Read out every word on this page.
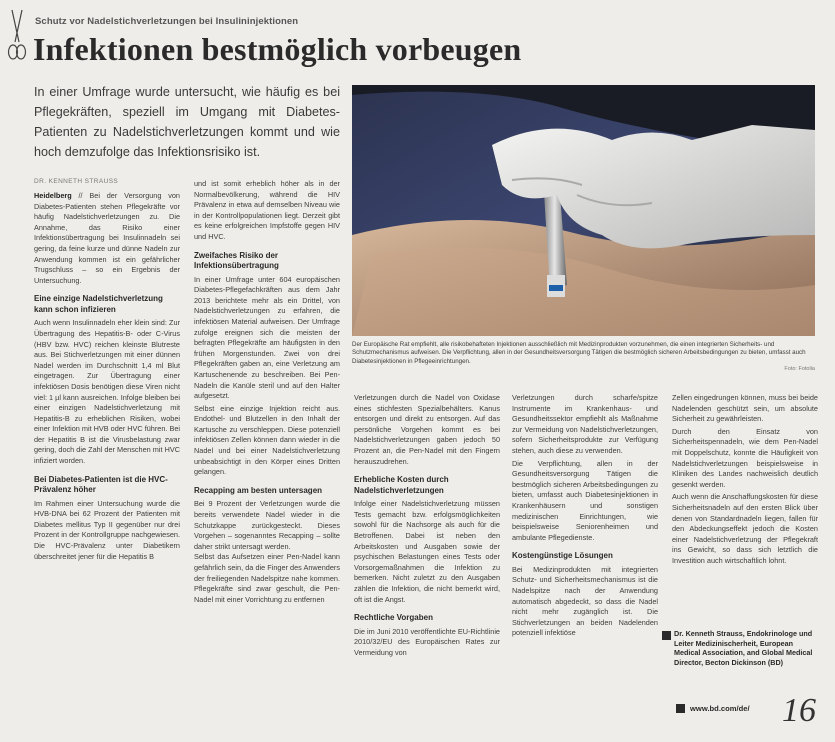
Schutz vor Nadelstichverletzungen bei Insulininjektionen
Infektionen bestmöglich vorbeugen

In einer Umfrage wurde untersucht, wie häufig es bei Pflegekräften, speziell im Umgang mit Diabetes-Patienten zu Nadelstichverletzungen kommt und wie hoch demzufolge das Infektionsrisiko ist.

DR. KENNETH STRAUSS

Heidelberg // Bei der Versorgung von Diabetes-Patienten stehen Pflegekräfte vor häufig Nadelstichverletzungen zu. Die Annahme, das Risiko einer Infektionsübertragung bei Insulinnadeln sei gering, da feine kurze und dünne Nadeln zur Anwendung kommen ist ein gefährlicher Trugschluss – so ein Ergebnis der Untersuchung.

Eine einzige Nadelstichverletzung kann schon infizieren

Auch wenn Insulinnadeln eher klein sind: Zur Übertragung des Hepatitis-B- oder C-Virus (HBV bzw. HVC) reichen kleinste Blutreste aus. Bei Stichverletzungen mit einer dünnen Nadel werden im Durchschnitt 1,4 ml Blut eingetragen. Zur Übertragung einer infektiösen Dosis benötigen diese Viren nicht viel: 1 µl kann ausreichen. Infolge bleiben bei einer einzigen Nadelstichverletzung mit Hepatitis-B zu erheblichen Risiken, wobei einer Infektion mit HVB oder HVC führen. Bei der Hepatitis B ist die Virusbelastung zwar gering, doch die Zahl der Menschen mit HVC infiziert worden.

Bei Diabetes-Patienten ist die HVC-Prävalenz höher

Im Rahmen einer Untersuchung wurde die HVB-DNA bei 62 Prozent der Patienten mit Diabetes mellitus Typ II gegenüber nur drei Prozent in der Kontrollgruppe nachgewiesen. Die HVC-Prävalenz unter Diabetikern überschreitet jener für die Hepatitis B

und ist somit erheblich höher als in der Normalbevölkerung, während die HIV Prävalenz in etwa auf demselben Niveau wie in der Kontrollpopulationen liegt. Derzeit gibt es keine erfolgreichen Impfstoffe gegen HIV und HVC.

Zweifaches Risiko der Infektionsübertragung

In einer Umfrage unter 604 europäischen Diabetes-Pflegefachkräften aus dem Jahr 2013 berichtete mehr als ein Drittel, von Nadelstichverletzungen zu erfahren, die infektiösen Material aufweisen. Der Umfrage zufolge ereignen sich die meisten der befragten Pflegekräfte am häufigsten in den frühen Morgenstunden. Zwei von drei Pflegekräften gaben an, eine Verletzung am Kartuschenende zu beschreiben. Bei Pen-Nadeln die Kanüle steril und auf den Halter aufgesetzt.

Selbst eine einzige Injektion reicht aus. Endothel- und Blutzellen in den Inhalt der Kartusche zu verschleppen. Diese potenziell infektiösen Zellen können dann wieder in die Nadel und bei einer Nadelstichverletzung unbeabsichtigt in den Körper eines Dritten gelangen.

Recapping am besten untersagen

Bei 9 Prozent der Verletzungen wurde die bereits verwendete Nadel wieder in die Schutzkappe zurückgesteckt. Dieses Vorgehen – sogenanntes Recapping – sollte daher strikt untersagt werden.
Selbst das Aufsetzen einer Pen-Nadel kann gefährlich sein, da die Finger des Anwenders der freiliegenden Nadelspitze nahe kommen. Pflegekräfte sind zwar geschult, die Pen-Nadel mit einer Vorrichtung zu entfernen

Der Europäische Rat empfiehlt, alle risikobehafteten Injektionen ausschließlich mit Medizinprodukten vorzunehmen, die einen integrierten Sicherheits- und Schutzmechanismus aufweisen. Die Verpflichtung, allen in der Gesundheitsversorgung Tätigen die bestmöglich sicheren Arbeitsbedingungen zu bieten, umfasst auch Diabetesinjektionen in Pflegeeinrichtungen.

Foto: Fotolia

Verletzungen durch die Nadel von Oxidase eines stichfesten Spezialbehälters. Kanus entsorgen und direkt zu entsorgen. Auf das persönliche Vorgehen kommt es bei Nadelstichverletzungen gaben jedoch 50 Prozent an, die Pen-Nadel mit den Fingern herauszudrehen.

Erhebliche Kosten durch Nadelstichverletzungen

Infolge einer Nadelstichverletzung müssen Tests gemacht bzw. erfolgsmöglichkeiten sowohl für die Nachsorge als auch für die Betroffenen. Dabei ist neben den Arbeitskosten und Ausgaben sowie der psychischen Belastungen eines Tests oder Vorsorgemaßnahmen die Infektion zu bemerken. Nicht zuletzt zu den Ausgaben zählen die Infektion, die nicht bemerkt wird, oft ist die Angst.

Rechtliche Vorgaben

Die im Juni 2010 veröffentlichte EU-Richtlinie 2010/32/EU des Europäischen Rates zur Vermeidung von

Verletzungen durch scharfe/spitze Instrumente im Krankenhaus- und Gesundheitssektor empfiehlt als Maßnahme zur Vermeidung von Nadelstichverletzungen, sofern Sicherheitsprodukte zur Verfügung stehen, auch diese zu verwenden.

Die Verpflichtung, allen in der Gesundheitsversorgung Tätigen die bestmöglich sicheren Arbeitsbedingungen zu bieten, umfasst auch Diabetesinjektionen in Krankenhäusern und sonstigen medizinischen Einrichtungen, wie beispielsweise Seniorenheimen und ambulante Pflegedienste.

Kostengünstige Lösungen

Bei Medizinprodukten mit integrierten Schutz- und Sicherheitsmechanismus ist die Nadelspitze nach der Anwendung automatisch abgedeckt, so dass die Nadel nicht mehr zugänglich ist. Die Stichverletzungen an beiden Nadelenden potenziell infektiöse

Zellen eingedrungen können, muss bei beide Nadelenden geschützt sein, um absolute Sicherheit zu gewährleisten.

Durch den Einsatz von Sicherheitspennadeln, wie dem Pen-Nadel mit Doppelschutz, konnte die Häufigkeit von Nadelstichverletzungen beispielsweise in Kliniken des Landes nachweislich deutlich gesenkt werden.

Auch wenn die Anschaffungskosten für diese Sicherheitsnadeln auf den ersten Blick über denen von Standardnadeln liegen, fallen für den Abdeckungseffekt jedoch die Kosten einer Nadelstichverletzung der Pflegekraft ins Gewicht, so dass sich letztlich die Investition auch wirtschaftlich lohnt.

Dr. Kenneth Strauss, Endokrinologe und Leiter Medizinischerheit, European Medical Association, and Global Medical Director, Becton Dickinson (BD)

www.bd.com/de/ 16
